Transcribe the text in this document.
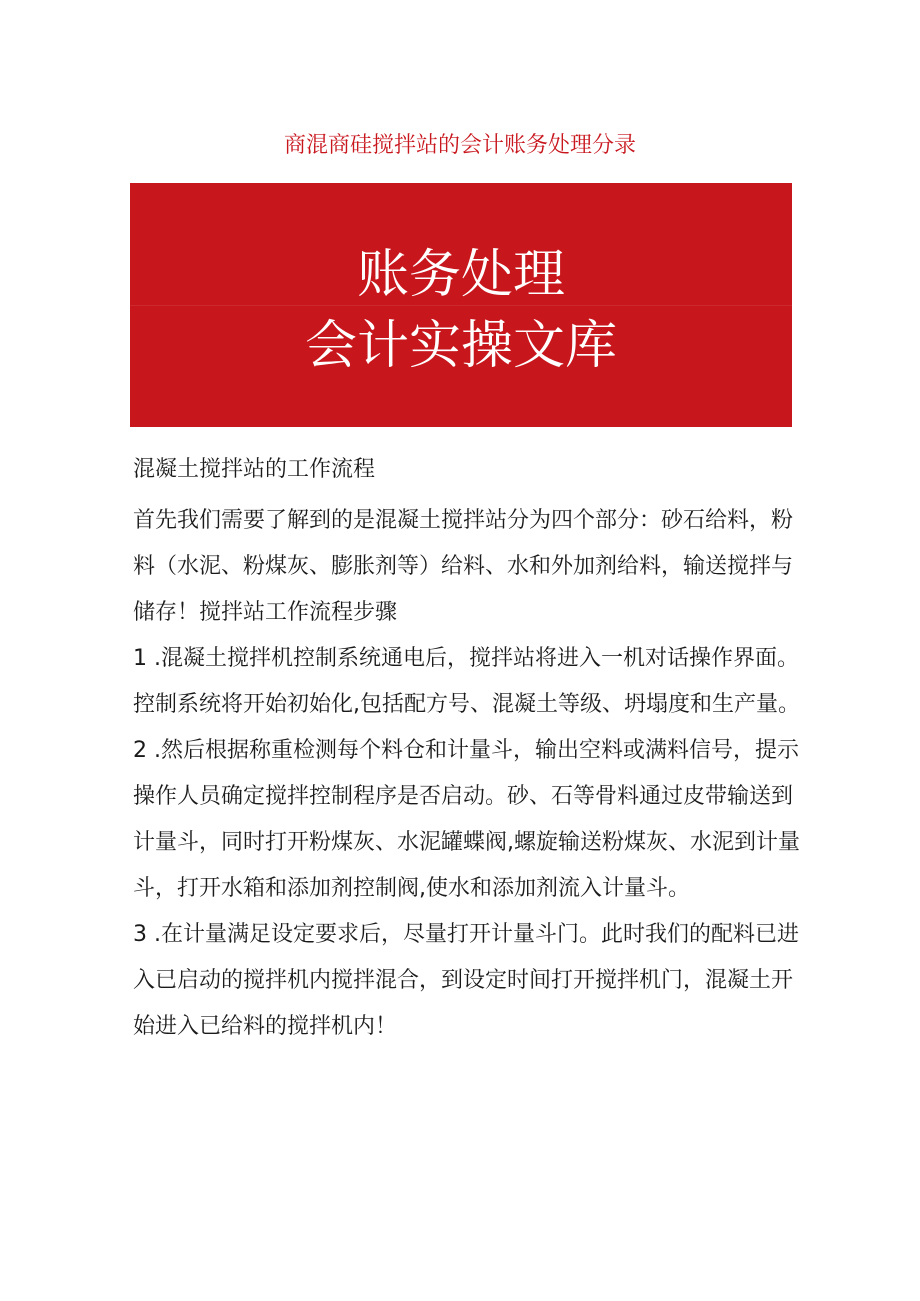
商混商硅搅拌站的会计账务处理分录
账务处理
会计实操文库

混凝土搅拌站的工作流程

首先我们需要了解到的是混凝土搅拌站分为四个部分：砂石给料，粉料（水泥、粉煤灰、膨胀剂等）给料、水和外加剂给料，输送搅拌与储存！搅拌站工作流程步骤

1 .混凝土搅拌机控制系统通电后，搅拌站将进入一机对话操作界面。控制系统将开始初始化,包括配方号、混凝土等级、坍塌度和生产量。

2 .然后根据称重检测每个料仓和计量斗，输出空料或满料信号，提示操作人员确定搅拌控制程序是否启动。砂、石等骨料通过皮带输送到计量斗，同时打开粉煤灰、水泥罐蝶阀,螺旋输送粉煤灰、水泥到计量斗，打开水箱和添加剂控制阀,使水和添加剂流入计量斗。

3 .在计量满足设定要求后，尽量打开计量斗门。此时我们的配料已进入已启动的搅拌机内搅拌混合，到设定时间打开搅拌机门，混凝土开始进入已给料的搅拌机内！
